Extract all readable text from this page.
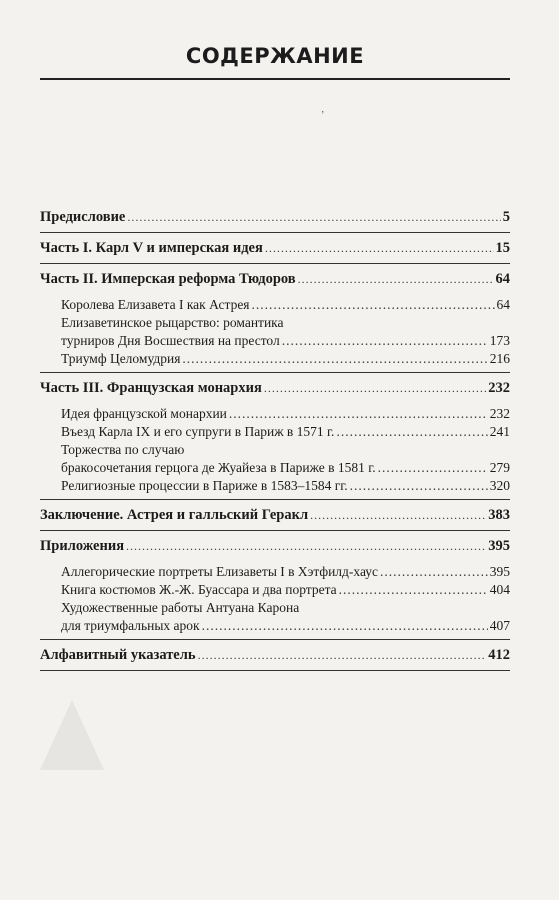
СОДЕРЖАНИЕ
’
Предисловие .....	5
Часть I. Карл V и имперская идея .....	15
Часть II. Имперская реформа Тюдоров .....	64
Королева Елизавета I как Астрея .....	64
Елизаветинское рыцарство: романтика
турниров Дня Восшествия на престол .....	173
Триумф Целомудрия .....	216
Часть III. Французская монархия .....	232
Идея французской монархии .....	232
Въезд Карла IX и его супруги в Париж в 1571 г. .....	241
Торжества по случаю
бракосочетания герцога де Жуайеза в Париже в 1581 г. .....	279
Религиозные процессии в Париже в 1583–1584 гг. .....	320
Заключение. Астрея и галльский Геракл .....	383
Приложения .....	395
Аллегорические портреты Елизаветы I в Хэтфилд-хаус .....	395
Книга костюмов Ж.-Ж. Буассара и два портрета .....	404
Художественные работы Антуана Карона
для триумфальных арок .....	407
Алфавитный указатель .....	412
